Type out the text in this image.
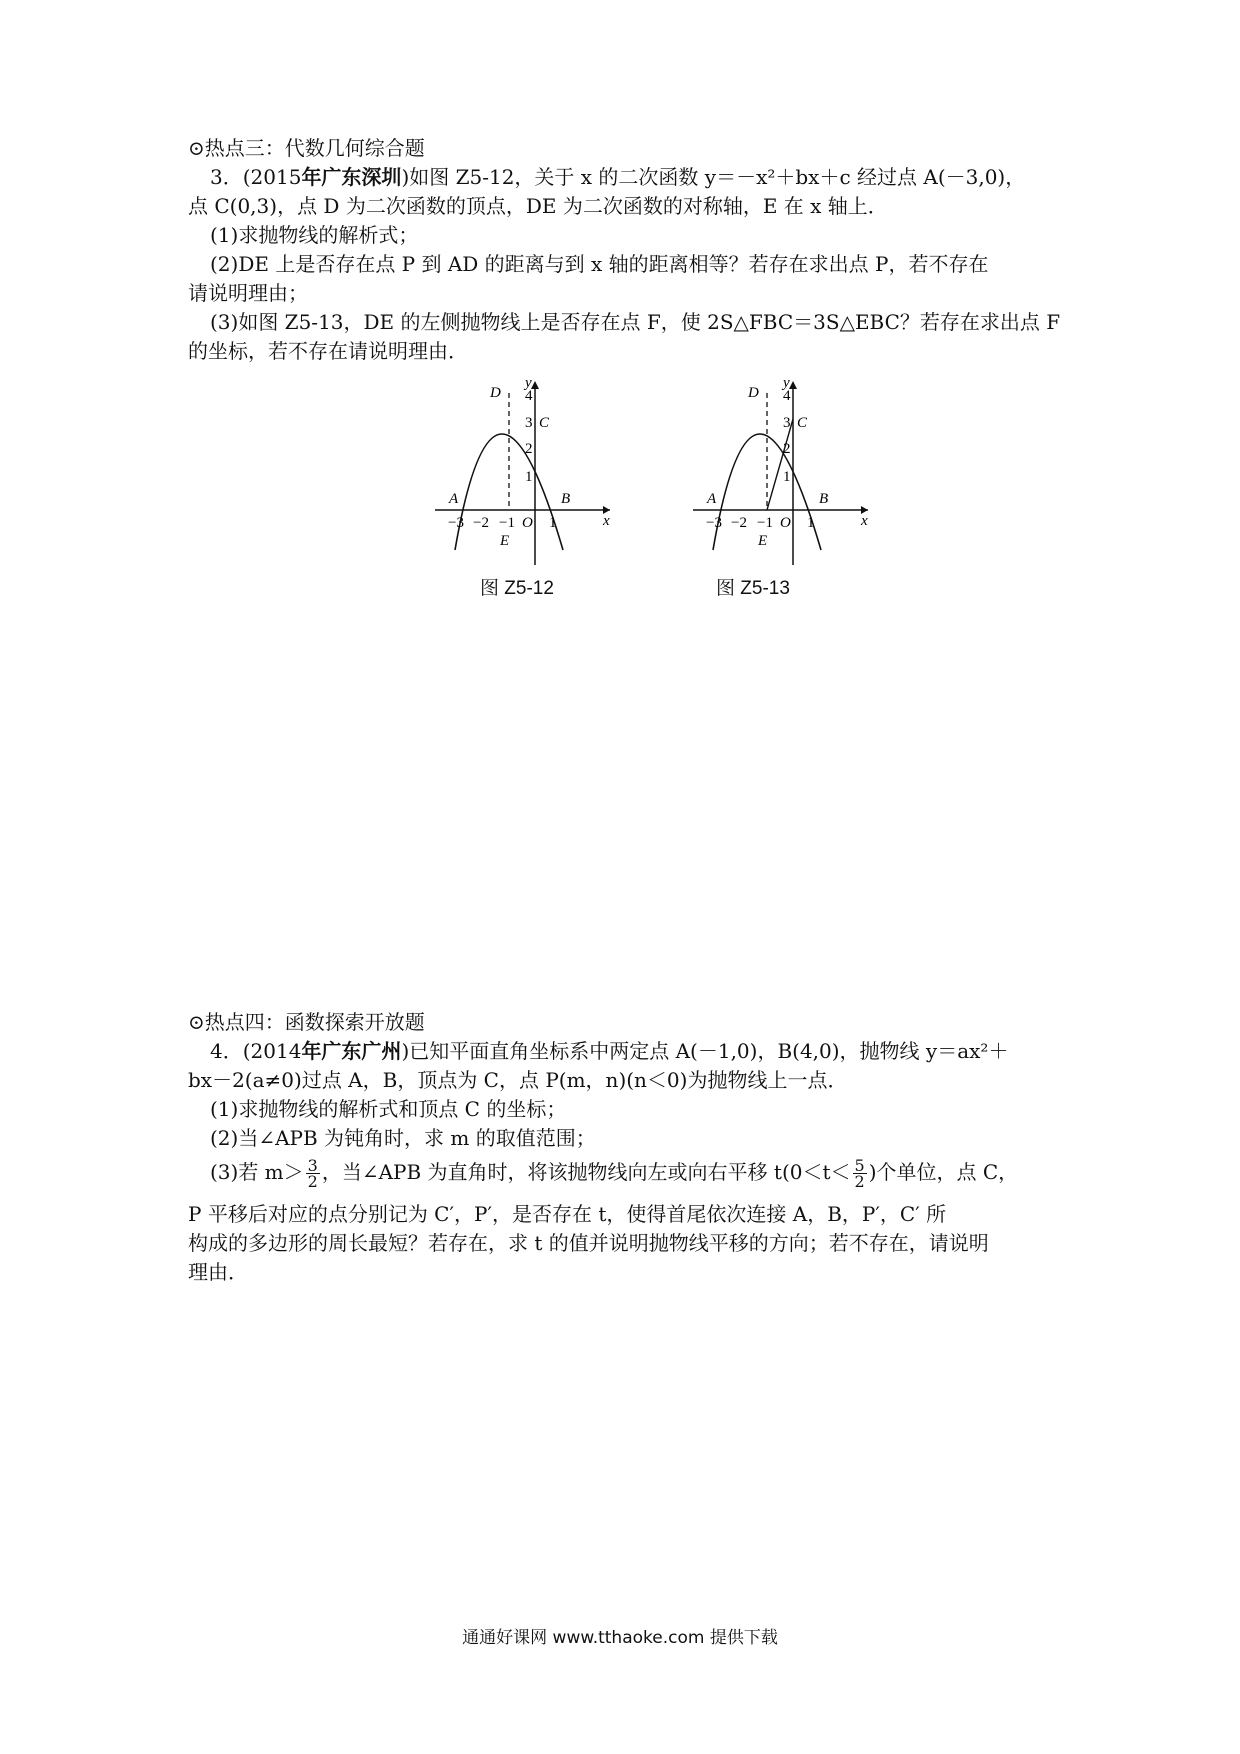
⊙热点三：代数几何综合题
3．(2015年广东深圳)如图 Z5-12，关于 x 的二次函数 y＝－x²＋bx＋c 经过点 A(－3,0)，
点 C(0,3)，点 D 为二次函数的顶点，DE 为二次函数的对称轴，E 在 x 轴上．
(1)求抛物线的解析式；
(2)DE 上是否存在点 P 到 AD 的距离与到 x 轴的距离相等？若存在求出点 P，若不存在
请说明理由；
(3)如图 Z5-13，DE 的左侧抛物线上是否存在点 F，使 2S△FBC＝3S△EBC？若存在求出点 F
的坐标，若不存在请说明理由．
D
y
4
3 C
2
1
A	B
x
−3 −2 −1 O 1
E
D
y
4
3 C
2
1
A	B
x
−3 −2 −1 O 1
E
图 Z5-12	图 Z5-13
⊙热点四：函数探索开放题
4．(2014年广东广州)已知平面直角坐标系中两定点 A(－1,0)，B(4,0)，抛物线 y＝ax²＋
bx－2(a≠0)过点 A，B，顶点为 C，点 P(m，n)(n＜0)为抛物线上一点．
(1)求抛物线的解析式和顶点 C 的坐标；
(2)当∠APB 为钝角时，求 m 的取值范围；
(3)若 $m> \frac{3}{2}$ ，当∠APB 为直角时，将该抛物线向左或向右平移 $t(0<t< \frac{5}{2}$ )个单位，点 C，
P 平移后对应的点分别记为 C′，P′，是否存在 t，使得首尾依次连接 A，B，P′，C′ 所
构成的多边形的周长最短？若存在，求 t 的值并说明抛物线平移的方向；若不存在，请说明
理由．
通通好课网 www.tthaoke.com 提供下载
